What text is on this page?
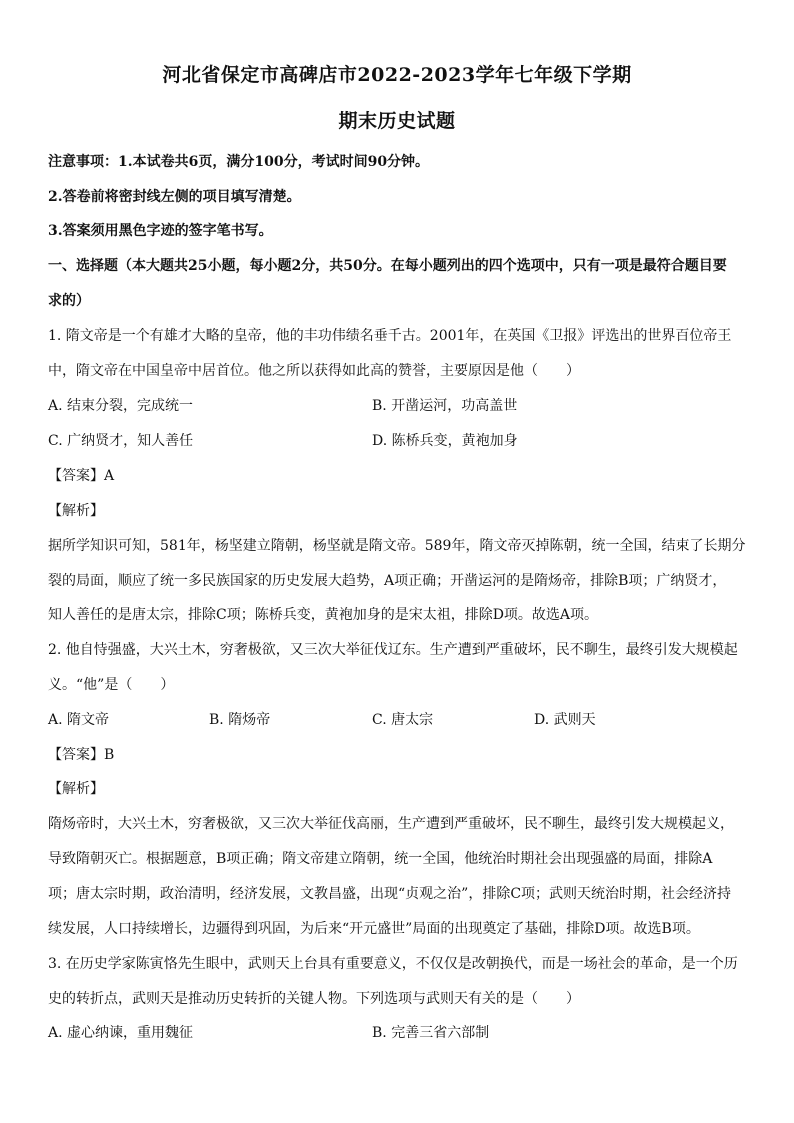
河北省保定市高碑店市2022-2023学年七年级下学期
期末历史试题
注意事项：1.本试卷共6页，满分100分，考试时间90分钟。
2.答卷前将密封线左侧的项目填写清楚。
3.答案须用黑色字迹的签字笔书写。
一、选择题（本大题共25小题，每小题2分，共50分。在每小题列出的四个选项中，只有一项是最符合题目要
求的）
1. 隋文帝是一个有雄才大略的皇帝，他的丰功伟绩名垂千古。2001年，在英国《卫报》评选出的世界百位帝王
中，隋文帝在中国皇帝中居首位。他之所以获得如此高的赞誉，主要原因是他（　　）
A. 结束分裂，完成统一	B. 开凿运河，功高盖世
C. 广纳贤才，知人善任	D. 陈桥兵变，黄袍加身
【答案】A
【解析】
据所学知识可知，581年，杨坚建立隋朝，杨坚就是隋文帝。589年，隋文帝灭掉陈朝，统一全国，结束了长期分
裂的局面，顺应了统一多民族国家的历史发展大趋势，A项正确；开凿运河的是隋炀帝，排除B项；广纳贤才，
知人善任的是唐太宗，排除C项；陈桥兵变，黄袍加身的是宋太祖，排除D项。故选A项。
2. 他自恃强盛，大兴土木，穷奢极欲，又三次大举征伐辽东。生产遭到严重破坏，民不聊生，最终引发大规模起
义。“他”是（　　）
A. 隋文帝	B. 隋炀帝	C. 唐太宗	D. 武则天
【答案】B
【解析】
隋炀帝时，大兴土木，穷奢极欲，又三次大举征伐高丽，生产遭到严重破坏，民不聊生，最终引发大规模起义，
导致隋朝灭亡。根据题意，B项正确；隋文帝建立隋朝，统一全国，他统治时期社会出现强盛的局面，排除A
项；唐太宗时期，政治清明，经济发展，文教昌盛，出现“贞观之治”，排除C项；武则天统治时期，社会经济持
续发展，人口持续增长，边疆得到巩固，为后来“开元盛世”局面的出现奠定了基础，排除D项。故选B项。
3. 在历史学家陈寅恪先生眼中，武则天上台具有重要意义，不仅仅是改朝换代，而是一场社会的革命，是一个历
史的转折点，武则天是推动历史转折的关键人物。下列选项与武则天有关的是（　　）
A. 虚心纳谏，重用魏征	B. 完善三省六部制
